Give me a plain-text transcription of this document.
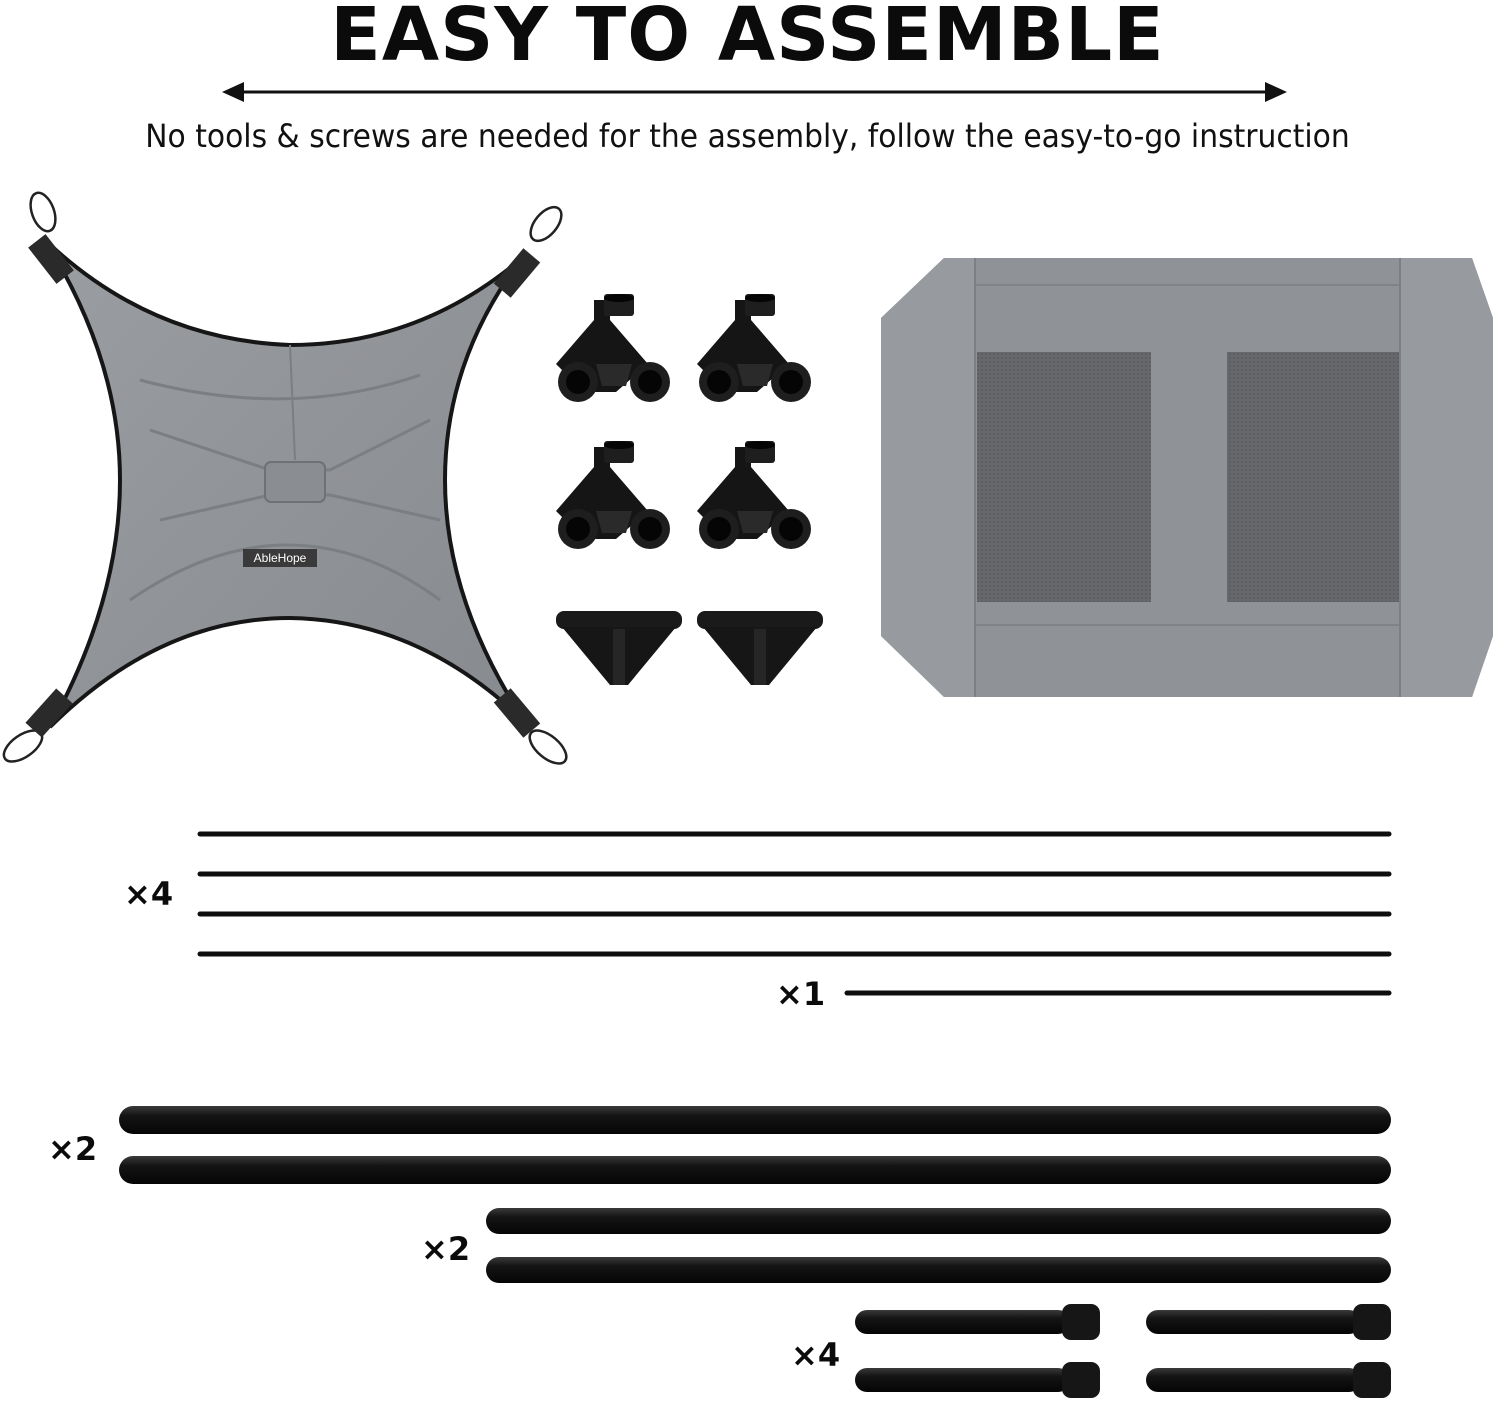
EASY TO ASSEMBLE
No tools & screws are needed for the assembly, follow the easy-to-go instruction
AbleHope
×4
×1
×2
×2
×4
